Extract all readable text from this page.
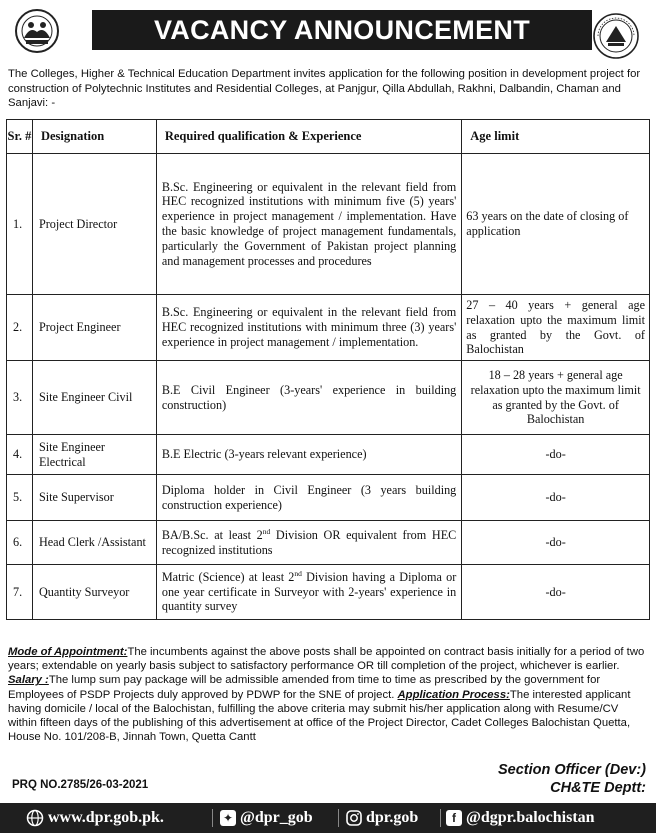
VACANCY ANNOUNCEMENT
The Colleges, Higher & Technical Education Department invites application for the following position in development project for construction of Polytechnic Institutes and Residential Colleges, at Panjgur, Qilla Abdullah, Rakhni, Dalbandin, Chaman and Sanjavi: -
Sr. #	Designation	Required qualification & Experience	Age limit
1.	Project Director	B.Sc. Engineering or equivalent in the relevant field from HEC recognized institutions with minimum five (5) years' experience in project management / implementation. Have the basic knowledge of project management fundamentals, particularly the Government of Pakistan project planning and management processes and procedures	63 years on the date of closing of application
2.	Project Engineer	B.Sc. Engineering or equivalent in the relevant field from HEC recognized institutions with minimum three (3) years' experience in project management / implementation.	27 – 40 years + general age relaxation upto the maximum limit as granted by the Govt. of Balochistan
3.	Site Engineer Civil	B.E Civil Engineer (3-years' experience in building construction)	18 – 28 years + general age relaxation upto the maximum limit as granted by the Govt. of Balochistan
4.	Site Engineer Electrical	B.E Electric (3-years relevant experience)	-do-
5.	Site Supervisor	Diploma holder in Civil Engineer (3 years building construction experience)	-do-
6.	Head Clerk /Assistant	BA/B.Sc. at least 2nd Division OR equivalent from HEC recognized institutions	-do-
7.	Quantity Surveyor	Matric (Science) at least 2nd Division having a Diploma or one year certificate in Surveyor with 2-years' experience in quantity survey	-do-
Mode of Appointment:The incumbents against the above posts shall be appointed on contract basis initially for a period of two years; extendable on yearly basis subject to satisfactory performance OR till completion of the project, whichever is earlier. Salary :The lump sum pay package will be admissible amended from time to time as prescribed by the government for Employees of PSDP Projects duly approved by PDWP for the SNE of project. Application Process:The interested applicant having domicile / local of the Balochistan, fulfilling the above criteria may submit his/her application along with Resume/CV within fifteen days of the publishing of this advertisement at office of the Project Director, Cadet Colleges Balochistan Quetta, House No. 101/208-B, Jinnah Town, Quetta Cantt
PRQ NO.2785/26-03-2021
Section Officer (Dev:)
CH&TE Deptt:
www.dpr.gob.pk.	✦ @dpr_gob	dpr.gob	f @dgpr.balochistan
